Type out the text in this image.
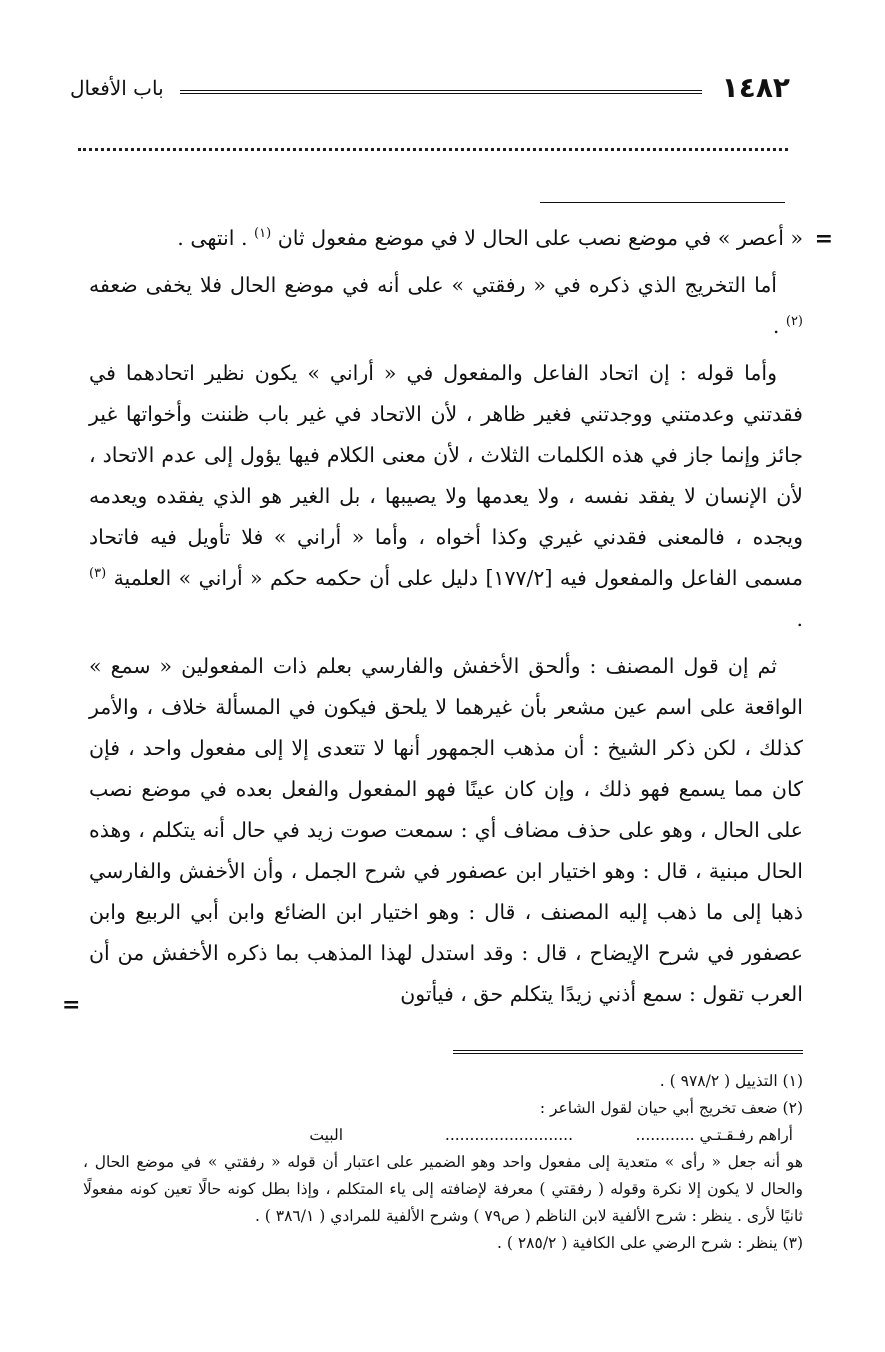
١٤٨٢
باب الأفعال
=

« أعصر » في موضع نصب على الحال لا في موضع مفعول ثان $^{(١)}$ . انتهى .

أما التخريج الذي ذكره في « رفقتي » على أنه في موضع الحال فلا يخفى ضعفه $^{(٢)}$ .

وأما قوله : إن اتحاد الفاعل والمفعول في « أراني » يكون نظير اتحادهما في فقدتني وعدمتني ووجدتني فغير ظاهر ، لأن الاتحاد في غير باب ظننت وأخواتها غير جائز وإنما جاز في هذه الكلمات الثلاث ، لأن معنى الكلام فيها يؤول إلى عدم الاتحاد ، لأن الإنسان لا يفقد نفسه ، ولا يعدمها ولا يصيبها ، بل الغير هو الذي يفقده ويعدمه ويجده ، فالمعنى فقدني غيري وكذا أخواه ، وأما « أراني » فلا تأويل فيه فاتحاد مسمى الفاعل والمفعول فيه [١٧٧/٢] دليل على أن حكمه حكم « أراني » العلمية $^{(٣)}$ .

ثم إن قول المصنف : وألحق الأخفش والفارسي بعلم ذات المفعولين « سمع » الواقعة على اسم عين مشعر بأن غيرهما لا يلحق فيكون في المسألة خلاف ، والأمر كذلك ، لكن ذكر الشيخ : أن مذهب الجمهور أنها لا تتعدى إلا إلى مفعول واحد ، فإن كان مما يسمع فهو ذلك ، وإن كان عينًا فهو المفعول والفعل بعده في موضع نصب على الحال ، وهو على حذف مضاف أي : سمعت صوت زيد في حال أنه يتكلم ، وهذه الحال مبنية ، قال : وهو اختيار ابن عصفور في شرح الجمل ، وأن الأخفش والفارسي ذهبا إلى ما ذهب إليه المصنف ، قال : وهو اختيار ابن الضائع وابن أبي الربيع وابن عصفور في شرح الإيضاح ، قال : وقد استدل لهذا المذهب بما ذكره الأخفش من أن العرب تقول : سمع أذني زيدًا يتكلم حق ، فيأتون

=

(١) التذييل ( ٩٧٨/٢ ) .

(٢) ضعف تخريج أبي حيان لقول الشاعر :

أراهم رفـقـتـي ............
..........................
البيت

هو أنه جعل « رأى » متعدية إلى مفعول واحد وهو الضمير على اعتبار أن قوله « رفقتي » في موضع الحال ، والحال لا يكون إلا نكرة وقوله ( رفقتي ) معرفة لإضافته إلى ياء المتكلم ، وإذا بطل كونه حالًا تعين كونه مفعولًا ثانيًا لأرى . ينظر : شرح الألفية لابن الناظم ( ص٧٩ ) وشرح الألفية للمرادي ( ٣٨٦/١ ) .

(٣) ينظر : شرح الرضي على الكافية ( ٢٨٥/٢ ) .
